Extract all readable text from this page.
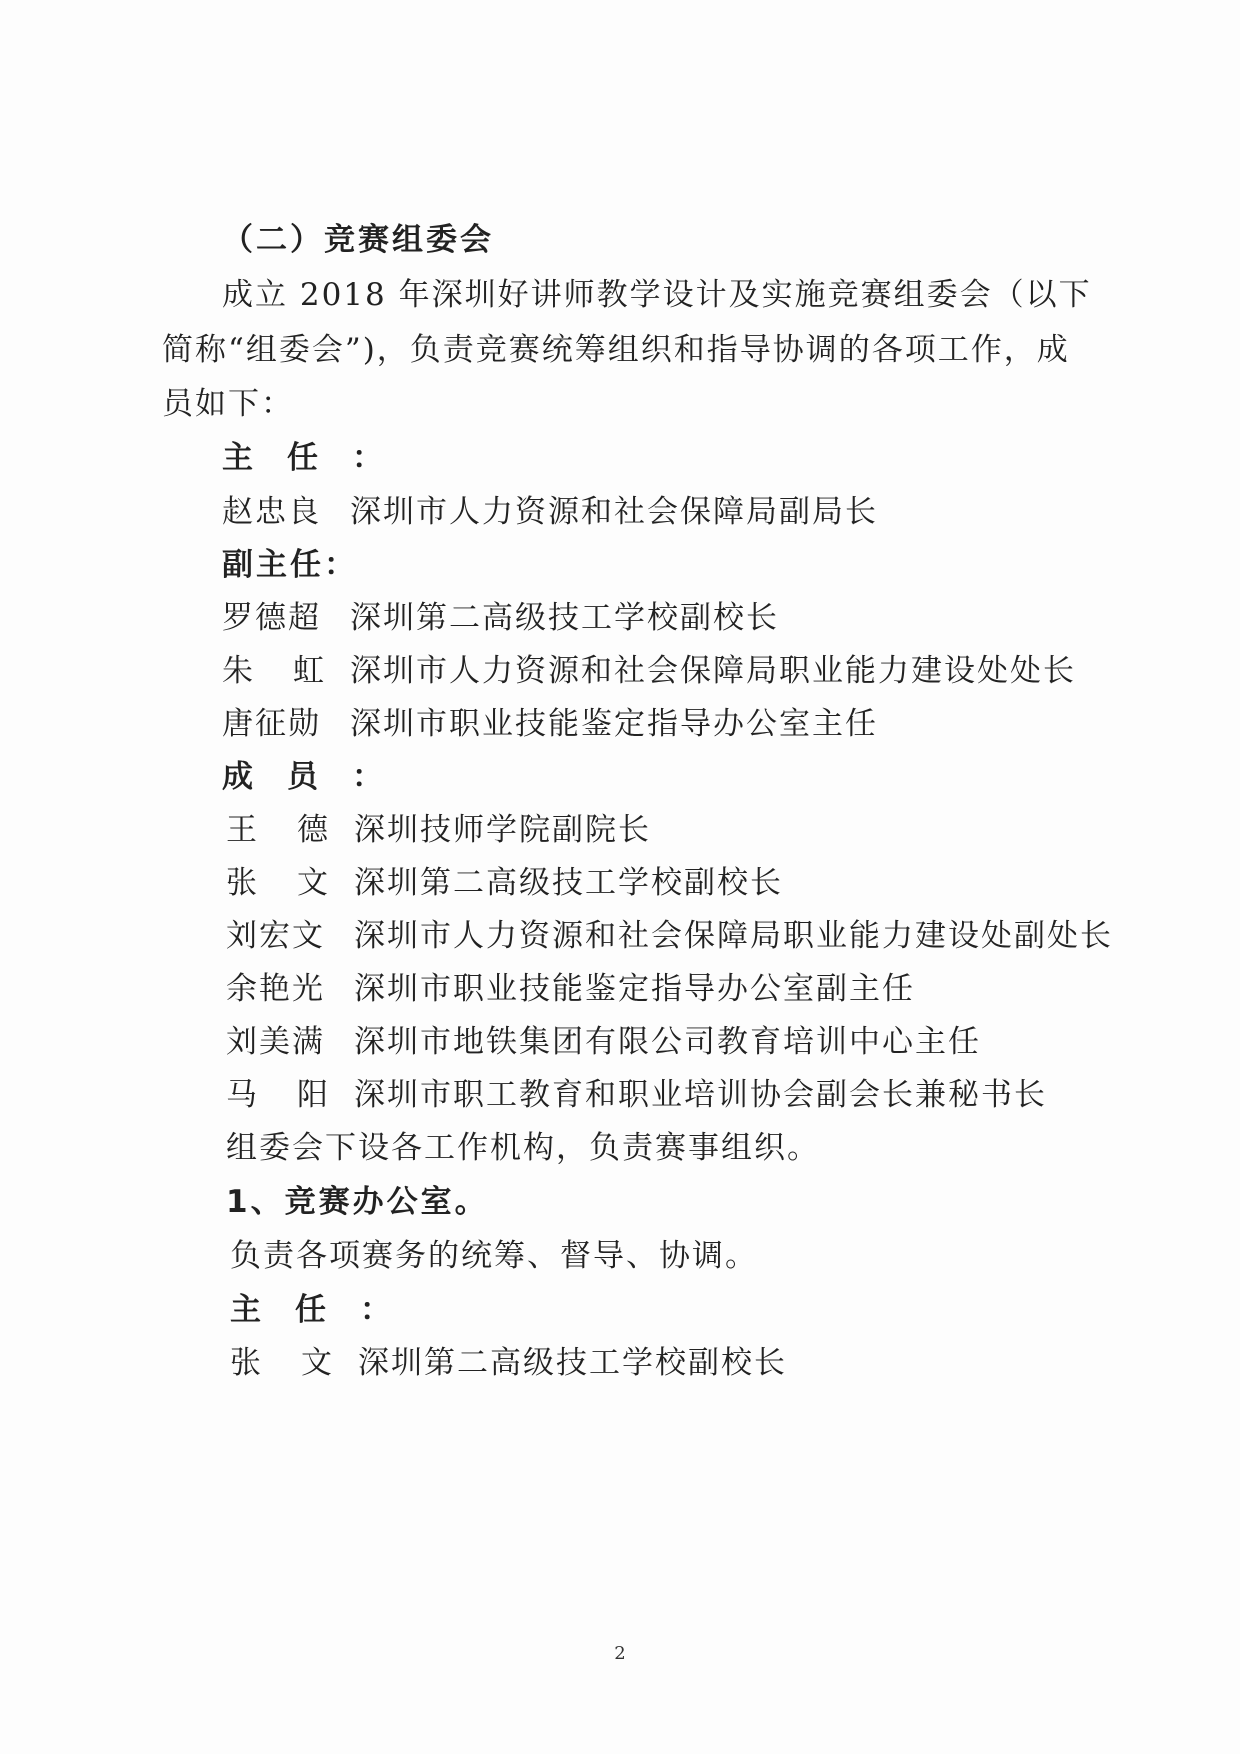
（二）竞赛组委会
成立 2018 年深圳好讲师教学设计及实施竞赛组委会（以下
简称“组委会”)，负责竞赛统筹组织和指导协调的各项工作，成
员如下：
主任：
赵忠良 深圳市人力资源和社会保障局副局长
副主任：
罗德超 深圳第二高级技工学校副校长
朱虹深圳市人力资源和社会保障局职业能力建设处处长
唐征勋 深圳市职业技能鉴定指导办公室主任
成员：
王德深圳技师学院副院长
张文深圳第二高级技工学校副校长
刘宏文 深圳市人力资源和社会保障局职业能力建设处副处长
余艳光 深圳市职业技能鉴定指导办公室副主任
刘美满 深圳市地铁集团有限公司教育培训中心主任
马阳深圳市职工教育和职业培训协会副会长兼秘书长
组委会下设各工作机构，负责赛事组织。
1、竞赛办公室。
负责各项赛务的统筹、督导、协调。
主任：
张文深圳第二高级技工学校副校长
2
